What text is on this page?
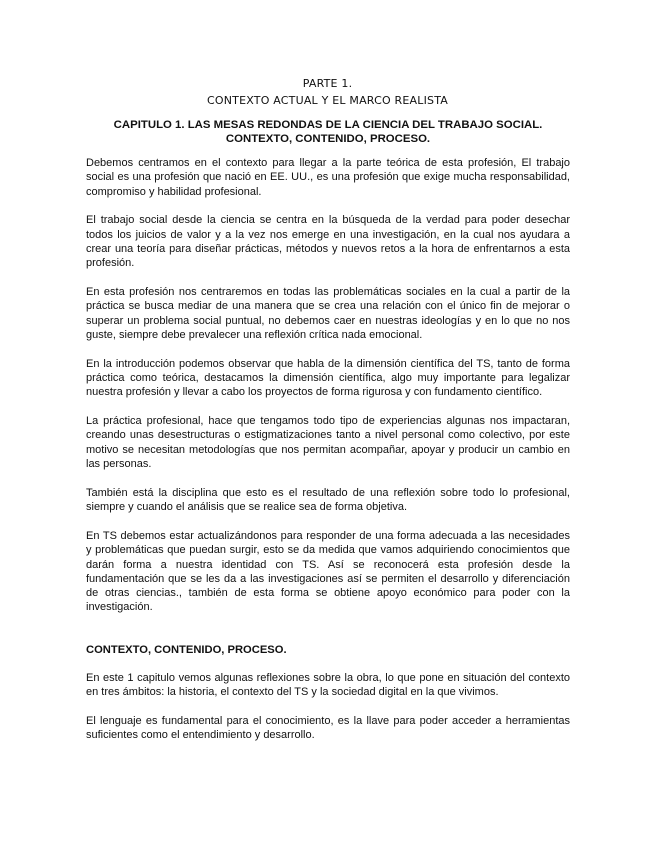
PARTE 1.
CONTEXTO ACTUAL Y EL MARCO REALISTA
CAPITULO 1. LAS MESAS REDONDAS DE LA CIENCIA DEL TRABAJO SOCIAL.
CONTEXTO, CONTENIDO, PROCESO.

Debemos centramos en el contexto para llegar a la parte teórica de esta profesión, El trabajo social es una profesión que nació en EE. UU., es una profesión que exige mucha responsabilidad, compromiso y habilidad profesional.

El trabajo social desde la ciencia se centra en la búsqueda de la verdad para poder desechar todos los juicios de valor y a la vez nos emerge en una investigación, en la cual nos ayudara a crear una teoría para diseñar prácticas, métodos y nuevos retos a la hora de enfrentarnos a esta profesión.

En esta profesión nos centraremos en todas las problemáticas sociales en la cual a partir de la práctica se busca mediar de una manera que se crea una relación con el único fin de mejorar o superar un problema social puntual, no debemos caer en nuestras ideologías y en lo que no nos guste, siempre debe prevalecer una reflexión crítica nada emocional.

En la introducción podemos observar que habla de la dimensión científica del TS, tanto de forma práctica como teórica, destacamos la dimensión científica, algo muy importante para legalizar nuestra profesión y llevar a cabo los proyectos de forma rigurosa y con fundamento científico.

La práctica profesional, hace que tengamos todo tipo de experiencias algunas nos impactaran, creando unas desestructuras o estigmatizaciones tanto a nivel personal como colectivo, por este motivo se necesitan metodologías que nos permitan acompañar, apoyar y producir un cambio en las personas.

También está la disciplina que esto es el resultado de una reflexión sobre todo lo profesional, siempre y cuando el análisis que se realice sea de forma objetiva.

En TS debemos estar actualizándonos para responder de una forma adecuada a las necesidades y problemáticas que puedan surgir, esto se da medida que vamos adquiriendo conocimientos que darán forma a nuestra identidad con TS. Así se reconocerá esta profesión desde la fundamentación que se les da a las investigaciones así se permiten el desarrollo y diferenciación de otras ciencias., también de esta forma se obtiene apoyo económico para poder con la investigación.

CONTEXTO, CONTENIDO, PROCESO.

En este 1 capitulo vemos algunas reflexiones sobre la obra, lo que pone en situación del contexto en tres ámbitos: la historia, el contexto del TS y la sociedad digital en la que vivimos.

El lenguaje es fundamental para el conocimiento, es la llave para poder acceder a herramientas suficientes como el entendimiento y desarrollo.
